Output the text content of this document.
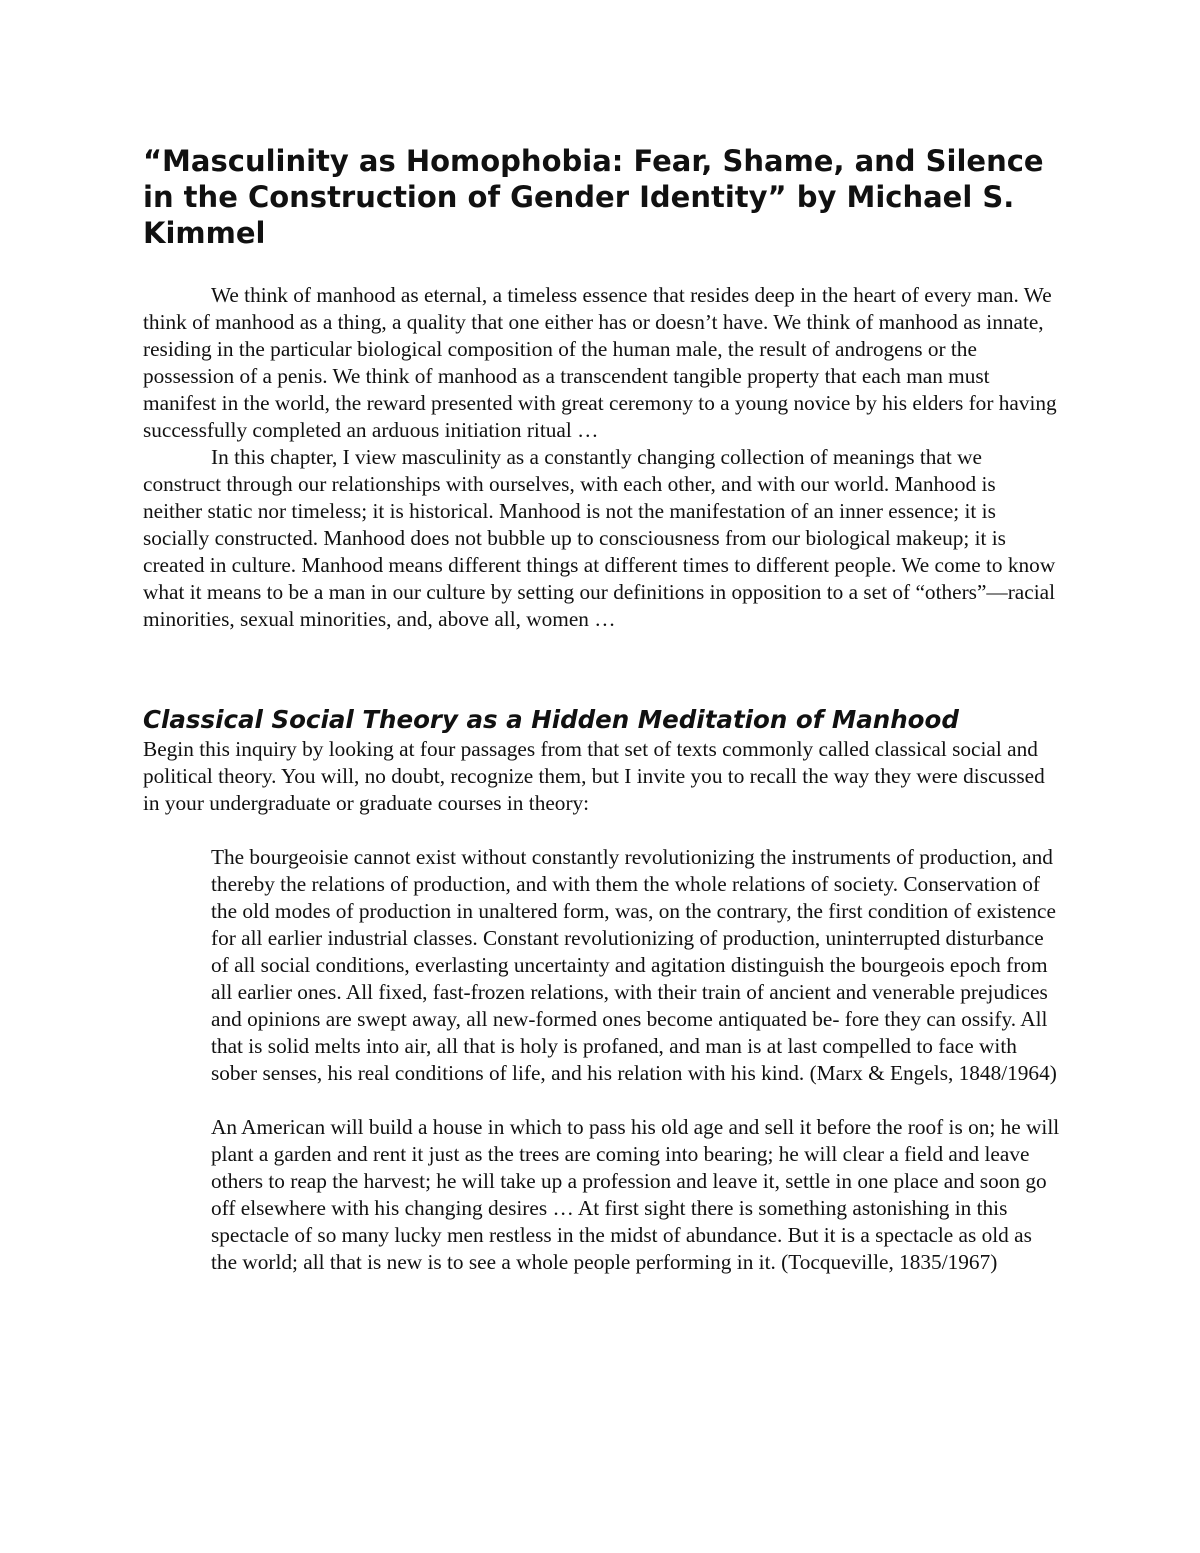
“Masculinity as Homophobia: Fear, Shame, and Silence in the Construction of Gender Identity” by Michael S. Kimmel

We think of manhood as eternal, a timeless essence that resides deep in the heart of every man. We think of manhood as a thing, a quality that one either has or doesn’t have. We think of manhood as innate, residing in the particular biological composition of the human male, the result of androgens or the possession of a penis. We think of manhood as a transcendent tangible property that each man must manifest in the world, the reward presented with great ceremony to a young novice by his elders for having successfully completed an arduous initiation ritual …

In this chapter, I view masculinity as a constantly changing collection of meanings that we construct through our relationships with ourselves, with each other, and with our world. Manhood is neither static nor timeless; it is historical. Manhood is not the manifestation of an inner essence; it is socially constructed. Manhood does not bubble up to consciousness from our biological makeup; it is created in culture. Manhood means different things at different times to different people. We come to know what it means to be a man in our culture by setting our definitions in opposition to a set of “others”—racial minorities, sexual minorities, and, above all, women …

Classical Social Theory as a Hidden Meditation of Manhood

Begin this inquiry by looking at four passages from that set of texts commonly called classical social and political theory. You will, no doubt, recognize them, but I invite you to recall the way they were discussed in your undergraduate or graduate courses in theory:

The bourgeoisie cannot exist without constantly revolutionizing the instruments of production, and thereby the relations of production, and with them the whole relations of society. Conservation of the old modes of production in unaltered form, was, on the contrary, the first condition of existence for all earlier industrial classes. Constant revolutionizing of production, uninterrupted disturbance of all social conditions, everlasting uncertainty and agitation distinguish the bourgeois epoch from all earlier ones. All fixed, fast-frozen relations, with their train of ancient and venerable prejudices and opinions are swept away, all new-formed ones become antiquated be- fore they can ossify. All that is solid melts into air, all that is holy is profaned, and man is at last compelled to face with sober senses, his real conditions of life, and his relation with his kind. (Marx & Engels, 1848/1964)

An American will build a house in which to pass his old age and sell it before the roof is on; he will plant a garden and rent it just as the trees are coming into bearing; he will clear a field and leave others to reap the harvest; he will take up a profession and leave it, settle in one place and soon go off elsewhere with his changing desires … At first sight there is something astonishing in this spectacle of so many lucky men restless in the midst of abundance. But it is a spectacle as old as the world; all that is new is to see a whole people performing in it. (Tocqueville, 1835/1967)
